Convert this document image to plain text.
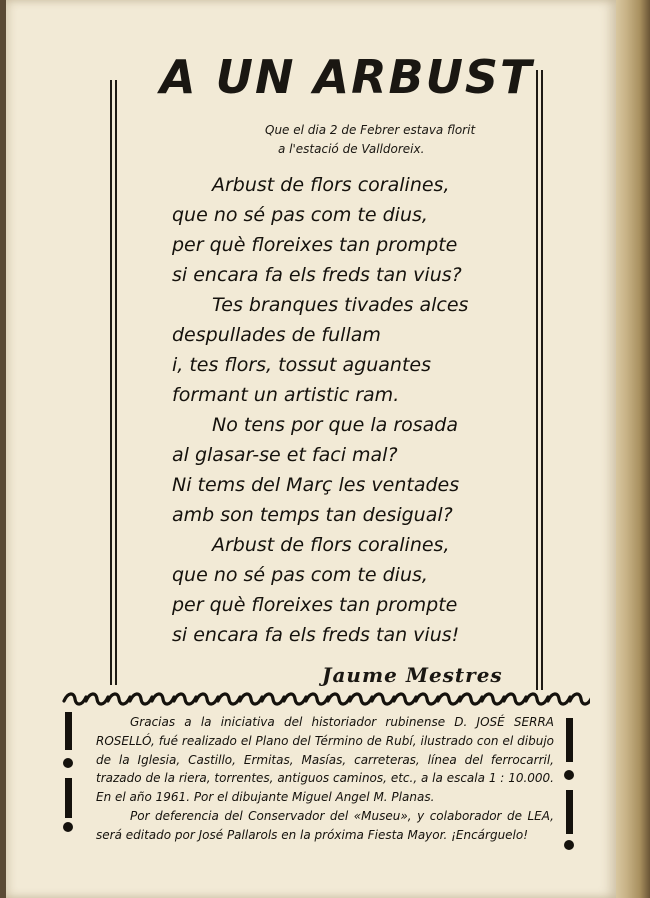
A UN ARBUST
Que el dia 2 de Febrer estava florit
a l'estació de Valldoreix.
Arbust de flors coralines,
que no sé pas com te dius,
per què floreixes tan prompte
si encara fa els freds tan vius?
Tes branques tivades alces
despullades de fullam
i, tes flors, tossut aguantes
formant un artistic ram.
No tens por que la rosada
al glasar-se et faci mal?
Ni tems del Març les ventades
amb son temps tan desigual?
Arbust de flors coralines,
que no sé pas com te dius,
per què floreixes tan prompte
si encara fa els freds tan vius!
Jaume Mestres

Gracias a la iniciativa del historiador rubinense D. JOSÉ SERRA ROSELLÓ, fué realizado el Plano del Término de Rubí, ilustrado con el dibujo de la Iglesia, Castillo, Ermitas, Masías, carreteras, línea del ferrocarril, trazado de la riera, torrentes, antiguos caminos, etc., a la escala 1 : 10.000. En el año 1961. Por el dibujante Miguel Angel M. Planas.

Por deferencia del Conservador del «Museu», y colaborador de LEA, será editado por José Pallarols en la próxima Fiesta Mayor. ¡Encárguelo!
